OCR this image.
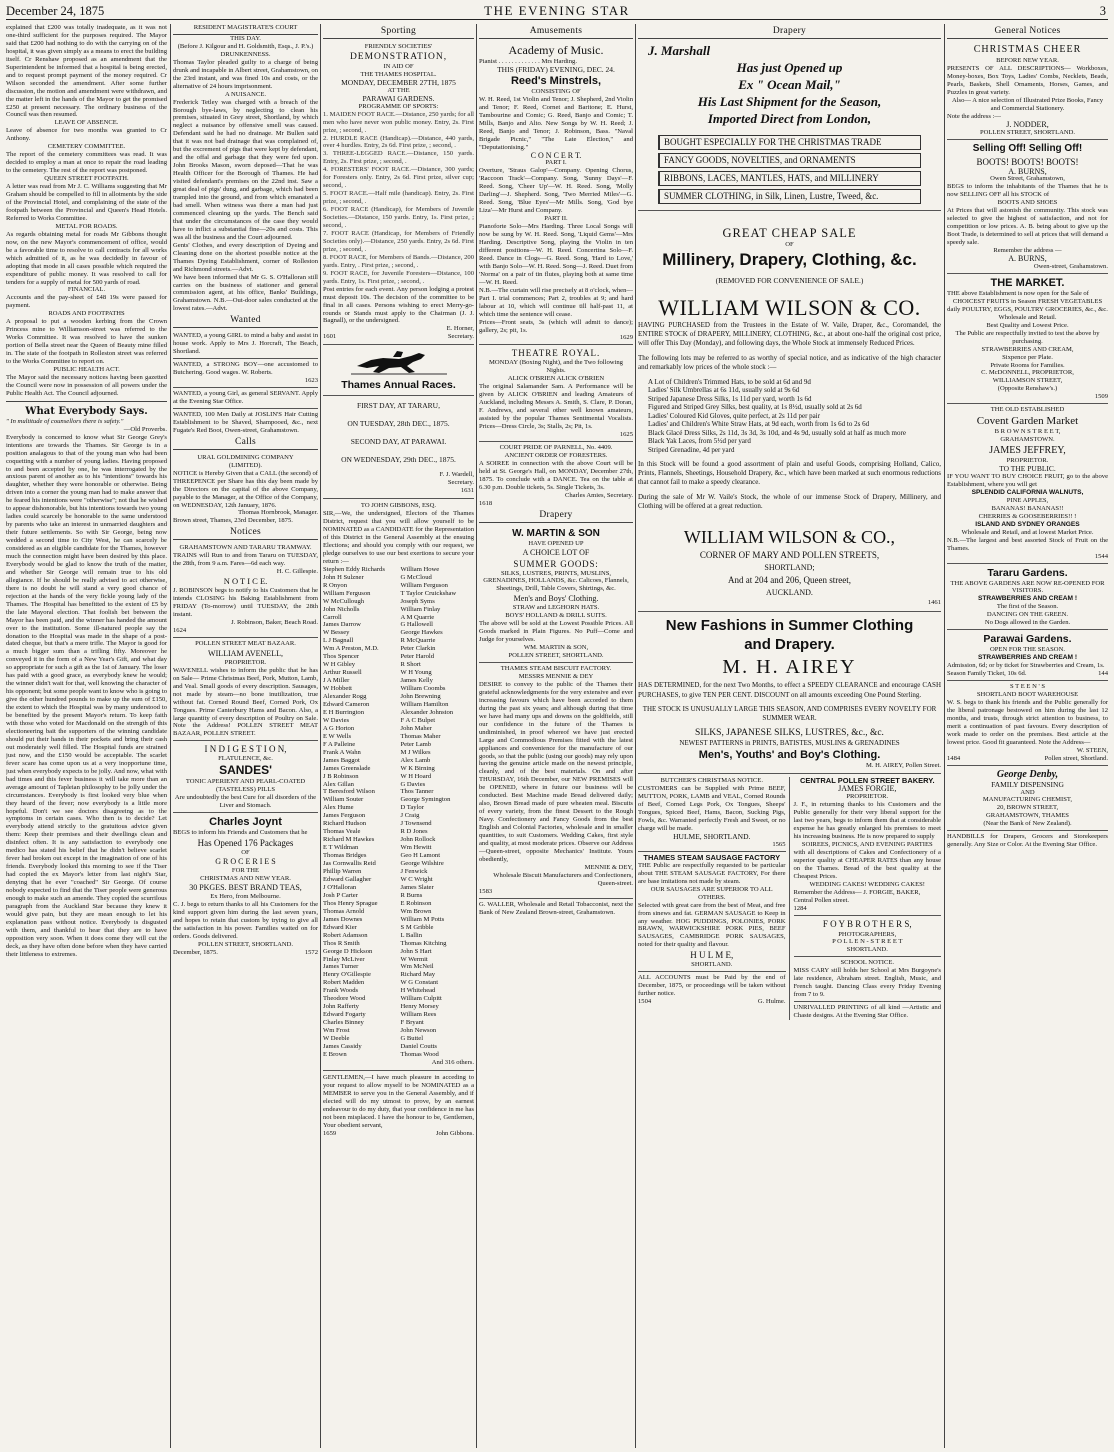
December 24, 1875	THE EVENING STAR	3

explained that £200 was totally inadequate, as it was not one-third sufficient for the purposes required. The Mayor said that £200 had nothing to do with the carrying on of the hospital, it was given simply as a means to erect the building itself. Cr Renshaw proposed as an amendment that the Superintendent be informed that a hospital is being erected, and to request prompt payment of the money required. Cr Wilson seconded the amendment. After some further discussion, the motion and amendment were withdrawn, and the matter left in the hands of the Mayor to get the promised £250 at present necessary. The ordinary business of the Council was then resumed.

LEAVE OF ABSENCE.

Leave of absence for two months was granted to Cr Anthony.

CEMETERY COMMITTEE.

The report of the cemetery committees was read. It was decided to employ a man at once to repair the road leading to the cemetery. The rest of the report was postponed.

QUEEN STREET FOOTPATH.

A letter was read from Mr J. C. Williams suggesting that Mr Graham should be compelled to fill in allotments by the side of the Provincial Hotel, and complaining of the state of the footpath between the Provincial and Queen's Head Hotels. Referred to Works Committee.

METAL FOR ROADS.

As regards obtaining metal for roads Mr Gibbons thought now, on the new Mayor's commencement of office, would be a favorable time to resolve to call contracts for all works which admitted of it, as he was decidedly in favour of adopting that mode in all cases possible which required the expenditure of public money. It was resolved to call for tenders for a supply of metal for 500 yards of road.

FINANCIAL.

Accounts and the pay-sheet of £48 19s were passed for payment.

ROADS AND FOOTPATHS

A proposal to put a wooden kerbing from the Crown Princess mine to Williamson-street was referred to the Works Committee. It was resolved to have the sunken portion of Bella street near the Queen of Beauty mine filled in. The state of the footpath in Rolleston street was referred to the Works Committee to report on.

PUBLIC HEALTH ACT.

The Mayor said the necessary notices having been gazetted the Council were now in possession of all powers under the Public Health Act. The Council adjourned.

What Everybody Says.

" In multitude of counsellors there is safety."

—Old Proverbs.

Everybody is concerned to know what Sir George Grey's intentions are towards the Thames. Sir George is in a position analagous to that of the young man who had been coquetting with a number of young ladies. Having proposed to and been accepted by one, he was interrogated by the anxious parent of another as to his "intentions" towards his daughter, whether they were honorable or otherwise. Being driven into a corner the young man had to make answer that he feared his intentions were "otherwise"; not that he wished to appear dishonorable, but his intentions towards two young ladies could scarcely be honorable to the same understood by parents who take an interest in unmarried daughters and their future settlements. So with Sir George, being now wedded a second time to City West, he can scarcely be considered as an eligible candidate for the Thames, however much the connection might have been desired by this place. Everybody would be glad to know the truth of the matter, and whether Sir George will remain true to his old allegiance. If he should be really advised to act otherwise, there is no doubt he will stand a very good chance of rejection at the hands of the very fickle young lady of the Thames. The Hospital has benefitted to the extent of £5 by the late Mayoral election. That foolish bet between the Mayor has been paid, and the winner has handed the amount over to the institution. Some ill-natured people say the donation to the Hospital was made in the shape of a post-dated cheque, but that's a mere trifle. The Mayor is good for a much bigger sum than a trifling fifty. Moreover he conveyed it in the form of a New Year's Gift, and what day so appropriate for such a gift as the 1st of January. The loser has paid with a good grace, as everybody knew he would; the winner didn't wait for that, well knowing the character of his opponent; but some people want to know who is going to give the other hundred pounds to make up the sum of £150, the extent to which the Hospital was by many understood to be benefited by the present Mayor's return. To keep faith with those who voted for Macdonald on the strength of this electioneering bait the supporters of the winning candidate should put their hands in their pockets and bring their cash out moderately well filled. The Hospital funds are strained just now, and the £150 would be acceptable. The scarlet fever scare has come upon us at a very inopportune time, just when everybody expects to be jolly. And now, what with bad times and this fever business it will take more than an average amount of Tapleian philosophy to be jolly under the circumstances. Everybody is first looked very blue when they heard of the fever; now everybody is a little more hopeful. Don't we see doctors disagreeing as to the symptoms in certain cases. Who then is to decide? Let everybody attend strictly to the gratuitous advice given them: Keep their premises and their dwellings clean and disinfect often. It is any satisfaction to everybody one medico has stated his belief that he didn't believe scarlet fever had broken out except in the imagination of one of his friends. Everybody looked this morning to see if the Tiser had copied the ex Mayor's letter from last night's Star, denying that he ever "coached" Sir George. Of course nobody expected to find that the Tiser people were generous enough to make such an amende. They copied the scurrilous paragraph from the Auckland Star because they knew it would give pain, but they are mean enough to let his explanation pass without notice. Everybody is disgusted with them, and thankful to hear that they are to have opposition very soon. When it does come they will cut the deck, as they have often done before when they have carried their littleness to extremes.

RESIDENT MAGISTRATE'S COURT

THIS DAY.

(Before J. Kilgour and H. Goldsmith, Esqs., J. P.'s.)

DRUNKENNESS.

Thomas Taylor pleaded guilty to a charge of being drunk and incapable in Albert street, Grahamstown, on the 23rd instant, and was fined 10s and costs, or the alternative of 24 hours imprisonment.

A NUISANCE.

Frederick Tetley was charged with a breach of the Borough bye-laws, by neglecting to clean his premises, situated in Grey street, Shortland, by which neglect a nuisance by offensive smell was caused. Defendant said he had no drainage. Mr Bullen said that it was not bad drainage that was complained of, but the excrement of pigs that were kept by defendant, and the offal and garbage that they were fed upon. John Brooks Mason, sworn deposed—That he was Health Officer for the Borough of Thames. He had visited defendant's premises on the 22nd inst. Saw a great deal of pigs' dung, and garbage, which had been trampled into the ground, and from which emanated a bad smell. When witness was there a man had just commenced cleaning up the yards. The Bench said that under the circumstances of the case they would have to inflict a substantial fine—20s and costs. This was all the business and the Court adjourned.

Gents' Clothes, and every description of Dyeing and Cleaning done on the shortest possible notice at the Thames Dyeing Establishment, corner of Rolleston and Richmond streets.—Advt.

We have been informed that Mr G. S. O'Halloran still carries on the business of stationer and general commission agent, at his office, Banks' Buildings, Grahamstown. N.B.—Out-door sales conducted at the lowest rates.—Advt.

Wanted

WANTED, a young GIRL to mind a baby and assist in house work. Apply to Mrs J. Horcraft, The Beach, Shortland.

WANTED, a STRONG BOY—one accustomed to Butchering. Good wages. W. Roberts.

1623

WANTED, a young Girl, as general SERVANT. Apply at the Evening Star Office.

WANTED, 100 Men Daily at JOSLIN'S Hair Cutting Establishment to be Shaved, Shampooed, &c., next Fugate's Red Boot, Owen-street, Grahamstown.

Calls

URAL GOLDMINING COMPANY

(LIMITED).

NOTICE is Hereby Given that a CALL (the second) of THREEPENCE per Share has this day been made by the Directors on the capital of the above Company, payable to the Manager, at the Office of the Company, on WEDNESDAY, 12th January, 1876.

Thomas Hornbrook, Manager.

Brown street, Thames, 23rd December, 1875.

Notices

GRAHAMSTOWN AND TARARU TRAMWAY.

TRAINS will Run to and from Tararu on TUESDAY, the 28th, from 9 a.m. Fares—6d each way.

H. C. Gillespie.

N O T I C E.

J. ROBINSON begs to notify to his Customers that he intends CLOSING his Baking Establishment from FRIDAY (To-morrow) until TUESDAY, the 28th instant.

J. Robinson, Baker, Beach Road.

1624

POLLEN STREET MEAT BAZAAR.

WILLIAM AVENELL,

PROPRIETOR.

WAVENELL wishes to inform the public that he has on Sale— Prime Christmas Beef, Pork, Mutton, Lamb, and Veal. Small goods of every description. Sausages, not made by steam—no bone inutilization, true without fat. Corned Round Beef, Corned Pork, Ox Tongues. Prime Canterbury Hams and Bacon. Also, a large quantity of every description of Poultry on Sale. Note the Address! POLLEN STREET MEAT BAZAAR, POLLEN STREET.

I N D I G E S T I O N,

FLATULENCE, &c.

SANDES'

TONIC APERIENT AND PEARL-COATED (TASTELESS) PILLS

Are undoubtedly the best Cure for all disorders of the Liver and Stomach.

Charles Joynt

BEGS to inform his Friends and Customers that he

Has Opened 176 Packages

OF

G R O C E R I E S

FOR THE

CHRISTMAS AND NEW YEAR.

30 PKGES. BEST BRAND TEAS,

Ex Hero, from Melbourne.

C. J. begs to return thanks to all his Customers for the kind support given him during the last seven years, and hopes to retain that custom by trying to give all the satisfaction in his power. Families waited on for orders. Goods delivered.

POLLEN STREET, SHORTLAND.

December, 1875.	1572

Sporting

FRIENDLY SOCIETIES'

DEMONSTRATION,

IN AID OF

THE THAMES HOSPITAL.

MONDAY, DECEMBER 27TH, 1875

AT THE

PARAWAI GARDENS.

PROGRAMME OF SPORTS:

1. MAIDEN FOOT RACE.—Distance, 250 yards; for all men who have never won public money. Entry, 2s. First prize, ; second, .
2. HURDLE RACE (Handicap).—Distance, 440 yards, over 4 hurdles. Entry, 2s 6d. First prize, ; second, .
3. THREE-LEGGED RACE.—Distance, 150 yards. Entry, 2s. First prize, ; second, .
4. FORESTERS' FOOT RACE.—Distance, 300 yards; for Foresters only. Entry, 2s 6d. First prize, silver cup; second, .
5. FOOT RACE.—Half mile (handicap). Entry, 2s. First prize, ; second, .
6. FOOT RACE (Handicap), for Members of Juvenile Societies.—Distance, 150 yards. Entry, 1s. First prize, ; second, .
7. FOOT RACE (Handicap, for Members of Friendly Societies only).—Distance, 250 yards. Entry, 2s 6d. First prize, ; second, .
8. FOOT RACE, for Members of Bands.—Distance, 200 yards. Entry, . First prize, ; second, .
9. FOOT RACE, for Juvenile Foresters—Distance, 100 yards. Entry, 1s. First prize, ; second, .

Post entries for each event. Any person lodging a protest must deposit 10s. The decision of the committee to be final in all cases. Persons wishing to erect Merry-go-rounds or Stands must apply to the Chairman (J. J. Bagnall), or the undersigned.

E. Horner,

1601	Secretary.

Thames Annual Races.

FIRST DAY, AT TARARU,

ON TUESDAY, 28th DEC., 1875.

SECOND DAY, AT PARAWAI.

ON WEDNESDAY, 29th DEC., 1875.

F. J. Wardell,

Secretary.

1631

TO JOHN GIBBONS, ESQ.

SIR,—We, the undersigned, Electors of the Thames District, request that you will allow yourself to be NOMINATED as a CANDIDATE for the Representation of this District in the General Assembly at the ensuing Elections; and should you comply with our request, we pledge ourselves to use our best exertions to secure your return :—

Stephen Eddy Richards
John H Sulzner
R Onyon
William Ferguson
W McCullough
John Nicholls
Carroll
James Darrow
W Bessey
L J Bagnall
Wm A Preston, M.D.
Thos Spencer
W H Gibley
Arthur Russell
J A Miller
W Hobbett
Alexander Rogg
Edward Cameron
E H Burrington
W Davies
A G Horton
E W Wells
F A Palleine
Frank A Wahn
James Baggot
James Greenslade
J B Robinson
Alex Gillan
T Beresford Wilson
William Souter
Alex Hume
James Ferguson
Richard Hudson
Thomas Veale
Richard M Hawkes
E T Wildman
Thomas Bridges
Jas Cornwallis Reid
Phillip Warren
Edward Gallagher
J O'Halloran
Josh P Carter
Thos Henry Sprague
Thomas Arnold
James Downes
Edward Kier
Robert Adamson
Thos R Smith
George D Hickson
Finlay McLiver
James Turner
Henry O'Gillespie
Robert Madden
Frank Woods
Theodore Wood
John Rafferty
Edward Fogarty
Charles Binney
Wm Frost
W Deeble
James Cassidy
E Brown
William Howe
G McCloud
William Ferguson
T Taylor Cruickshaw
Joseph Syms
William Finlay
A M Quarrie
G Hallowell
George Hawkes
R McQuarrie
Peter Clarkin
Peter Harold
R Short
W H Young
James Kelly
William Coombs
John Brewning
William Hamilton
Alexander Johnston
F A C Bulpet
John Maher
Thomas Maher
Peter Lamb
M J Wilkes
Alex Lamb
W K Birning
W H Hoard
G Davies
Thos Tanner
George Symington
D Taylor
J Craig
J Townsend
R D Jones
John Rollock
Wm Hewitt
Geo H Lamont
George Wilshire
J Fenwick
W C Wright
James Slater
R Burns
E Robinson
Wm Brown
William M Potts
S M Gribble
L Ballin
Thomas Kitching
John S Hart
W Wermit
Wm McNeil
Richard May
W G Constant
H Whitehead
William Culpitt
Henry Morsey
William Rees
F Bryant
John Newson
G Buttel
Daniel Coutts
Thomas Wood

And 316 others.

GENTLEMEN,—I have much pleasure in acceding to your request to allow myself to be NOMINATED as a MEMBER to serve you in the General Assembly, and if elected will do my utmost to prove, by an earnest endeavour to do my duty, that your confidence in me has not been misplaced. I have the honour to be, Gentlemen, Your obedient servant,

1659	John Gibbons.

Amusements

Academy of Music.

Pianist . . . . . . . . . . . . . Mrs Harding.

THIS (FRIDAY) EVENING, DEC. 24.

Reed's Minstrels,

CONSISTING OF

W. H. Reed, 1st Violin and Tenor; J. Shepherd, 2nd Violin and Tenor; F. Reed, Cornet and Baritone; E. Hurst, Tambourine and Comic; G. Reed, Banjo and Comic; T. Mills, Banjo and Alto. New Songs by W. H. Reed; J. Reed, Banjo and Tenor; J. Robinson, Bass. "Naval Brigade Picnic," "The Late Election," and "Deputationising."

C O N C E R T.

PART I.

Overture, 'Straus Galop'—Company. Opening Chorus, 'Raccoon Track'—Company. Song, 'Sunny Days'—F. Reed. Song, 'Cheer Up'—W. H. Reed. Song, 'Molly Darling'—J. Shepherd. Song, 'Two Merried Miles'—G. Reed. Song, 'Blue Eyes'—Mr Mills. Song, 'God bye Liza'—Mr Hurst and Company.

PART II.

Pianoforte Solo—Mrs Harding. Three Local Songs will now be sung by W. H. Reed. Song, 'Liquid Gems'—Mrs Harding. Descriptive Song, playing the Violin in ten different positions—W. H. Reed. Concertina Solo—F. Reed. Dance in Clogs—G. Reed. Song, 'Hard to Love,' with Banjo Solo—W. H. Reed. Song—J. Reed. Duet from 'Norma' on a pair of tin flutes, playing both at same time—W. H. Reed.

N.B.—The curtain will rise precisely at 8 o'clock, when—Part I. trial commences; Part 2, troubles at 9; and hard labour at 10, which will continue till half-past 11, at which time the sentence will cease.

Prices—Front seats, 3s (which will admit to dance); gallery, 2s; pit, 1s.

1629

THEATRE ROYAL.

MONDAY (Boxing Night), and the Two following Nights.

ALICK O'BRIEN ALICK O'BRIEN

The original Salamander Sam. A Performance will be given by ALICK O'BRIEN and leading Amateurs of Auckland, including Messrs A. Smith, S. Clare, P. Doran, F. Andrews, and several other well known amateurs, assisted by the popular Thames Sentimental Vocalists. Prices—Dress Circle, 3s; Stalls, 2s; Pit, 1s.

1625

COURT PRIDE OF PARNELL, No. 4409.

ANCIENT ORDER OF FORESTERS.

A SOIREE in connection with the above Court will be held at St. George's Hall, on MONDAY, December 27th, 1875. To conclude with a DANCE. Tea on the table at 6.30 p.m. Double tickets, 5s. Single Tickets, 3s.

Charles Amies, Secretary.

1618

Drapery

W. MARTIN & SON

HAVE OPENED UP

A CHOICE LOT OF

SUMMER GOODS:

SILKS, LUSTRES, PRINTS, MUSLINS, GRENADINES, HOLLANDS, &c. Calicoes, Flannels, Sheetings, Drill, Table Covers, Shirtings, &c.

Men's and Boys' Clothing.

STRAW and LEGHORN HATS.

BOYS' HOLLAND & DRILL SUITS.

The above will be sold at the Lowest Possible Prices. All Goods marked in Plain Figures. No Puff—Come and Judge for yourselves.

WM. MARTIN & SON,

POLLEN STREET, SHORTLAND.

THAMES STEAM BISCUIT FACTORY.

MESSRS MENNIE & DEY

DESIRE to convey to the public of the Thames their grateful acknowledgments for the very extensive and ever increasing favours which have been accorded to them during the past six years; and although during that time we have had many ups and downs on the goldfields, still our confidence in the future of the Thames is undiminished, in proof whereof we have just erected Large and Commodious Premises fitted with the latest appliances and convenience for the manufacture of our goods, so that the public (using our goods) may rely upon having the genuine article made on the newest principle, cleanly, and of the best materials. On and after THURSDAY, 16th December, our NEW PREMISES will be OPENED, where in future our business will be conducted. Best Machine made Bread delivered daily; also, Brown Bread made of pure wheaten meal. Biscuits of every variety, from the finest Dessert to the Rough Navy. Confectionery and Fancy Goods from the best English and Colonial Factories, wholesale and in smaller quantities, to suit Customers. Wedding Cakes, first style and quality, at most moderate prices. Observe our Address—Queen-street, opposite Mechanics' Institute. Yours obediently,

MENNIE & DEY,

Wholesale Biscuit Manufacturers and Confectioners, Queen-street.

1583

G. WALLER, Wholesale and Retail Tobacconist, next the Bank of New Zealand Brown-street, Grahamstown.

Drapery

J. Marshall

Has just Opened up

Ex " Ocean Mail,"

His Last Shipment for the Season,

Imported Direct from London,

BOUGHT ESPECIALLY FOR THE CHRISTMAS TRADE
FANCY GOODS, NOVELTIES, and ORNAMENTS
RIBBONS, LACES, MANTLES, HATS, and MILLINERY
SUMMER CLOTHING, in Silk, Linen, Lustre, Tweed, &c.

GREAT CHEAP SALE

OF

Millinery, Drapery, Clothing, &c.

(REMOVED FOR CONVENIENCE OF SALE.)

WILLIAM WILSON & CO.

HAVING PURCHASED from the Trustees in the Estate of W. Vaile, Draper, &c., Coromandel, the ENTIRE STOCK of DRAPERY, MILLINERY, CLOTHING, &c., at about one-half the original cost price, will offer This Day (Monday), and following days, the Whole Stock at immensely Reduced Prices.

The following lots may be referred to as worthy of special notice, and as indicative of the high character and remarkably low prices of the whole stock :—

A Lot of Children's Trimmed Hats, to be sold at 6d and 9d
Ladies' Silk Umbrellas at 6s 11d, usually sold at 9s 6d
Striped Japanese Dress Silks, 1s 11d per yard, worth 1s 6d
Figured and Striped Grey Silks, best quality, at 1s 8½d, usually sold at 2s 6d
Ladies' Coloured Kid Gloves, quite perfect, at 2s 11d per pair
Ladies' and Children's White Straw Hats, at 9d each, worth from 1s 6d to 2s 6d
Black Glacé Dress Silks, 2s 11d, 3s 3d, 3s 10d, and 4s 9d, usually sold at half as much more
Black Yak Laces, from 5½d per yard
Striped Grenadine, 4d per yard

In this Stock will be found a good assortment of plain and useful Goods, comprising Holland, Calico, Prints, Flannels, Sheetings, Household Drapery, &c., which have been marked at such enormous reductions that cannot fail to make a speedy clearance.

During the sale of Mr W. Vaile's Stock, the whole of our immense Stock of Drapery, Millinery, and Clothing will be offered at a great reduction.

WILLIAM WILSON & CO.,

CORNER OF MARY AND POLLEN STREETS,

SHORTLAND;

And at 204 and 206, Queen street,

AUCKLAND.

1461

New Fashions in Summer Clothing

and Drapery.

M. H. AIREY

HAS DETERMINED, for the next Two Months, to effect a SPEEDY CLEARANCE and encourage CASH PURCHASES, to give TEN PER CENT. DISCOUNT on all amounts exceeding One Pound Sterling.

THE STOCK IS UNUSUALLY LARGE THIS SEASON, AND COMPRISES EVERY NOVELTY FOR SUMMER WEAR.

SILKS, JAPANESE SILKS, LUSTRES, &c., &c.

NEWEST PATTERNS in PRINTS, BATISTES, MUSLINS & GRENADINES

Men's, Youths' and Boy's Clothing.

M. H. AIREY, Pollen Street.

BUTCHER'S CHRISTMAS NOTICE.

CUSTOMERS can be Supplied with Prime BEEF, MUTTON, PORK, LAMB and VEAL, Corned Rounds of Beef, Corned Legs Pork, Ox Tongues, Sheeps' Tongues, Spiced Beef, Hams, Bacon, Sucking Pigs, Fowls, &c. Warranted perfectly Fresh and Sweet, or no charge will be made.

HULME, SHORTLAND.

1565

THAMES STEAM SAUSAGE FACTORY

THE Public are respectfully requested to be particular about THE STEAM SAUSAGE FACTORY, For there are base imitations not made by steam.

OUR SAUSAGES ARE SUPERIOR TO ALL OTHERS.

Selected with great care from the best of Meat, and free from sinews and fat. GERMAN SAUSAGE to Keep in any weather. HOG PUDDINGS, POLONIES, PORK BRAWN, WARWICKSHIRE PORK PIES, BEEF SAUSAGES, CAMBRIDGE PORK SAUSAGES, noted for their quality and flavour.

H U L M E,

SHORTLAND.

ALL ACCOUNTS must be Paid by the end of December, 1875, or proceedings will be taken without further notice.

1504	G. Hulme.

CENTRAL POLLEN STREET BAKERY.

JAMES FORGIE,

PROPRIETOR.

J. F., in returning thanks to his Customers and the Public generally for their very liberal support for the last two years, begs to inform them that at considerable expense he has greatly enlarged his premises to meet his increasing business. He is now prepared to supply

SOIREES, PICNICS, AND EVENING PARTIES

with all descriptions of Cakes and Confectionery of a superior quality at CHEAPER RATES than any house on the Thames. Bread of the best quality at the Cheapest Prices.

WEDDING CAKES! WEDDING CAKES!

Remember the Address— J. FORGIE, BAKER, Central Pollen street.

1284

F O Y B R O T H E R S,

PHOTOGRAPHERS,

P O L L E N - S T R E E T

SHORTLAND.

SCHOOL NOTICE.

MISS CARY still holds her School at Mrs Burgoyne's late residence, Abraham street. English, Music, and French taught. Dancing Class every Friday Evening from 7 to 9.

UNRIVALLED PRINTING of all kind —Artistic and Chaste designs. At the Evening Star Office.

General Notices

CHRISTMAS CHEER

BEFORE NEW YEAR.

PRESENTS OF ALL DESCRIPTIONS— Workboxes, Money-boxes, Box Toys, Ladies' Combs, Necklets, Beads, Pearls, Baskets, Shell Ornaments, Horses, Games, and Puzzles in great variety.

Also— A nice selection of Illustrated Prize Books, Fancy and Commercial Stationery.

Note the address :—

J. NODDER,

POLLEN STREET, SHORTLAND.

Selling Off! Selling Off!

BOOTS! BOOTS! BOOTS!

A. BURNS,

Owen Street, Grahamstown,

BEGS to inform the inhabitants of the Thames that he is now SELLING OFF all his STOCK of

BOOTS AND SHOES

At Prices that will astonish the community. This stock was selected to give the highest of satisfaction, and not for competition or low prices. A. B. being about to give up the Boot Trade, is determined to sell at prices that will demand a speedy sale.

Remember the address —

A. BURNS,

Owen-street, Grahamstown.

THE MARKET.

THE above Establishment is now open for the Sale of

CHOICEST FRUITS in Season FRESH VEGETABLES daily POULTRY, EGGS, POULTRY GROCERIES, &c., &c.

Wholesale and Retail.

Best Quality and Lowest Price.

The Public are respectfully invited to test the above by purchasing.

STRAWBERRIES AND CREAM,

Sixpence per Plate.

Private Rooms for Families.

C. McDONNELL, PROPRIETOR,

WILLIAMSON STREET,

(Opposite Renshaw's.)

1509

THE OLD ESTABLISHED

Covent Garden Market

B R O W N S T R E E T,

GRAHAMSTOWN.

JAMES JEFFREY,

PROPRIETOR.

TO THE PUBLIC.

IF YOU WANT TO BUY CHOICE FRUIT, go to the above Establishment, where you will get

SPLENDID CALIFORNIA WALNUTS,

PINE APPLES,

BANANAS! BANANAS!!

CHERRIES & GOOSEBERRIES!! !

ISLAND AND SYDNEY ORANGES

Wholesale and Retail, and at lowest Market Price.

N.B.—The largest and best assorted Stock of Fruit on the Thames.

1544

Tararu Gardens.

THE ABOVE GARDENS ARE NOW RE-OPENED FOR VISITORS.

STRAWBERRIES AND CREAM !

The first of the Season.

DANCING ON THE GREEN.

No Dogs allowed in the Garden.

Parawai Gardens.

OPEN FOR THE SEASON.

STRAWBERRIES AND CREAM !

Admission, 6d; or by ticket for Strawberries and Cream, 1s.

Season Family Ticket, 10s 6d.	144

S T E E N ' S

SHORTLAND BOOT WAREHOUSE

W. S. begs to thank his friends and the Public generally for the liberal patronage bestowed on him during the last 12 months, and trusts, through strict attention to business, to merit a continuation of past favours. Every description of work made to order on the premises. Best article at the lowest price. Good fit guaranteed. Note the Address—

W. STEEN,

1484	Pollen street, Shortland.

George Denby,

FAMILY DISPENSING

AND

MANUFACTURING CHEMIST,

20, BROWN STREET,

GRAHAMSTOWN, THAMES

(Near the Bank of New Zealand).

HANDBILLS for Drapers, Grocers and Storekeepers generally. Any Size or Color. At the Evening Star Office.
